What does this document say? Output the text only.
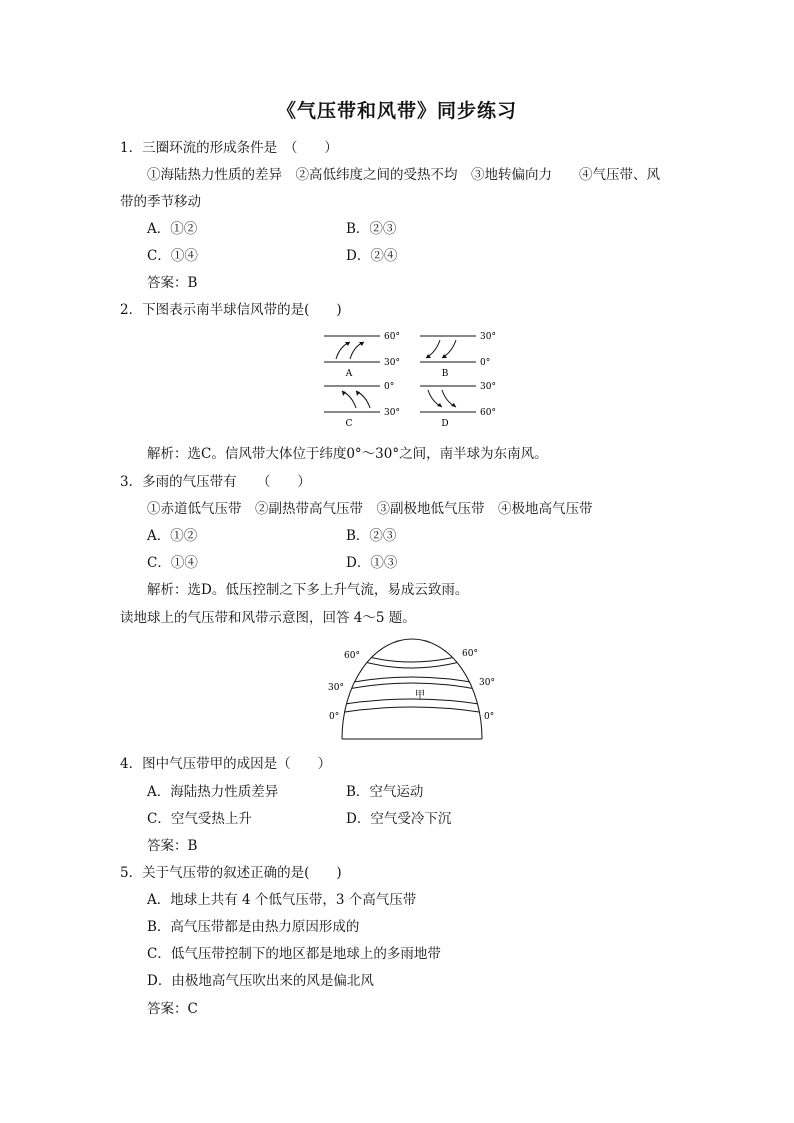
《气压带和风带》同步练习
1．三圈环流的形成条件是　（　　）
①海陆热力性质的差异　②高低纬度之间的受热不均　③地转偏向力　　④气压带、风
带的季节移动
A．①②	B．②③
C．①④	D．②④
答案：B
2．下图表示南半球信风带的是(　　)
60°
30°
30°
0°
0°
30°
30°
60°
A	B
C	D
解析：选C。信风带大体位于纬度0°～30°之间，南半球为东南风。
3．多雨的气压带有　　（　　）
①赤道低气压带　②副热带高气压带　③副极地低气压带　④极地高气压带
A．①②	B．②③
C．①④	D．①③
解析：选D。低压控制之下多上升气流，易成云致雨。
读地球上的气压带和风带示意图，回答 4～5 题。
60°	60°
30°	30°
0°	0°
甲
4．图中气压带甲的成因是（　　）
A．海陆热力性质差异	B．空气运动
C．空气受热上升	D．空气受冷下沉
答案：B
5．关于气压带的叙述正确的是(　　)
A．地球上共有 4 个低气压带，3 个高气压带
B．高气压带都是由热力原因形成的
C．低气压带控制下的地区都是地球上的多雨地带
D．由极地高气压吹出来的风是偏北风
答案：C
